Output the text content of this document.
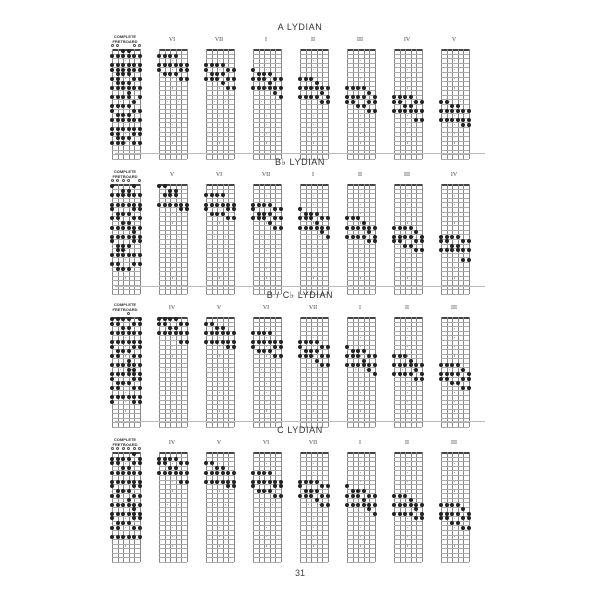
A LYDIAN
COMPLETE
FRETBOARD	VI	VII	I	II	III	IV	V
B♭ LYDIAN
COMPLETE
FRETBOARD	V	VI	VII	I	II	III	IV
B / C♭ LYDIAN
COMPLETE
FRETBOARD	IV	V	VI	VII	I	II	III
C LYDIAN
COMPLETE
FRETBOARD	IV	V	VI	VII	I	II	III
31
